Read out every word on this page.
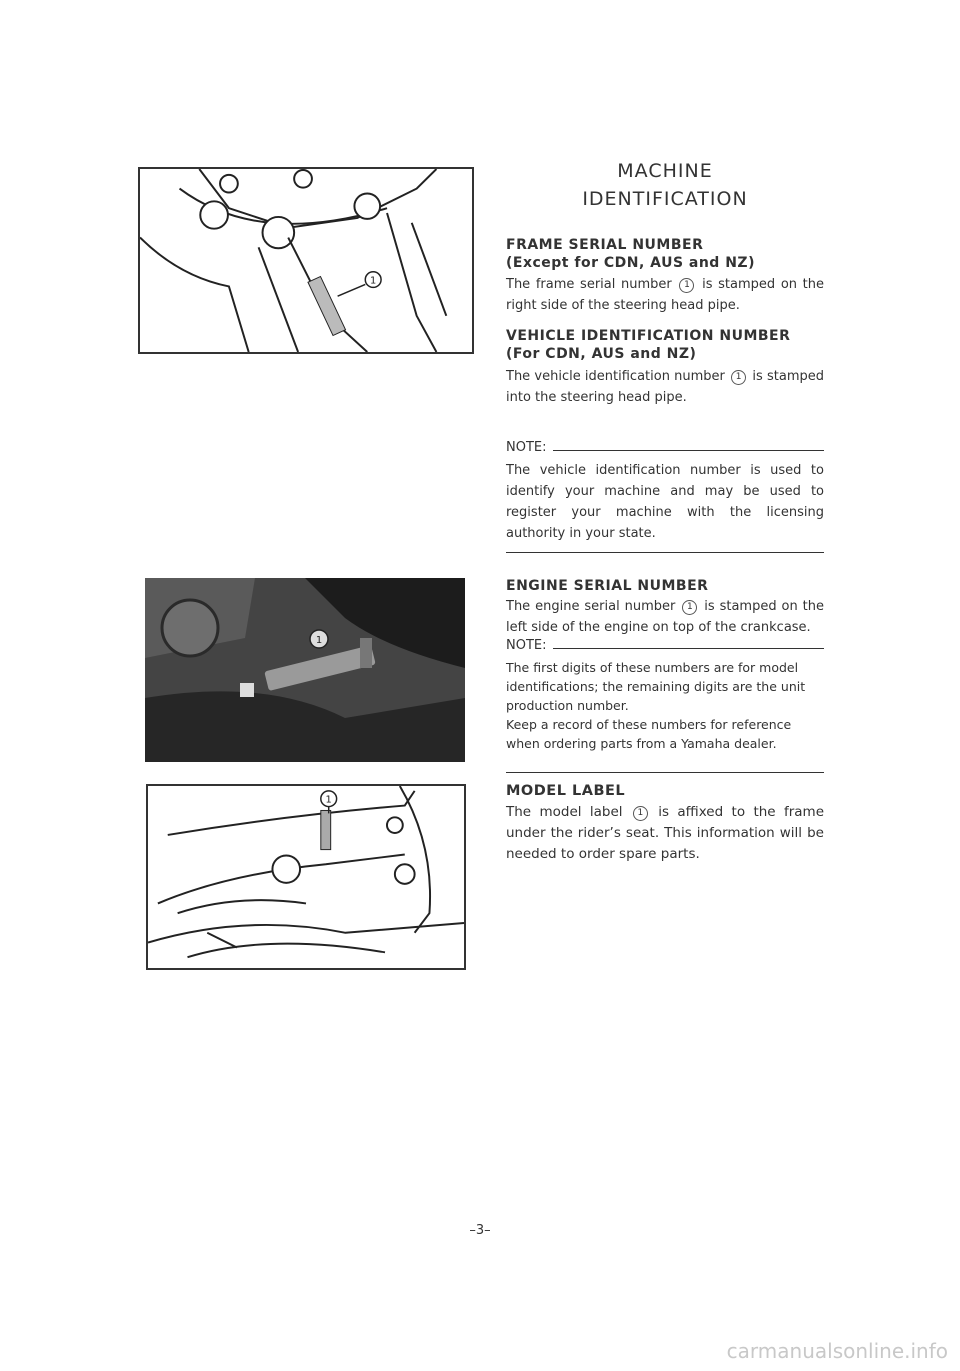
1
1
1
MACHINE
IDENTIFICATION
FRAME SERIAL NUMBER
(Except for CDN, AUS and NZ)
The frame serial number 1 is stamped on the right side of the steering head pipe.
VEHICLE IDENTIFICATION NUMBER
(For CDN, AUS and NZ)
The vehicle identification number 1 is stamped into the steering head pipe.
NOTE:
The vehicle identification number is used to identify your machine and may be used to register your machine with the licensing authority in your state.
ENGINE SERIAL NUMBER
The engine serial number 1 is stamped on the left side of the engine on top of the crankcase.
NOTE:
The first digits of these numbers are for model identifications; the remaining digits are the unit production number.
Keep a record of these numbers for reference when ordering parts from a Yamaha dealer.
MODEL LABEL
The model label 1 is affixed to the frame under the rider’s seat. This information will be needed to order spare parts.
–3–
carmanualsonline.info
